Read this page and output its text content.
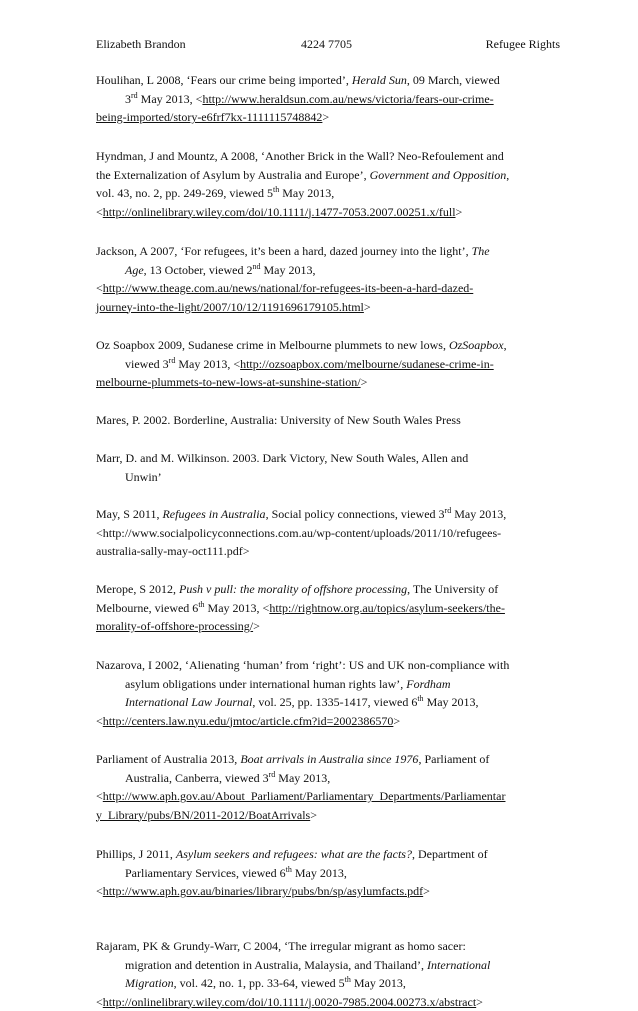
Elizabeth Brandon	4224 7705	Refugee Rights
Houlihan, L 2008, ‘Fears our crime being imported’, Herald Sun, 09 March, viewed
3rd May 2013, <http://www.heraldsun.com.au/news/victoria/fears-our-crime-
being-imported/story-e6frf7kx-1111115748842>
Hyndman, J and Mountz, A 2008, ‘Another Brick in the Wall? Neo-Refoulement and
the Externalization of Asylum by Australia and Europe’, Government and Opposition,
vol. 43, no. 2, pp. 249-269, viewed 5th May 2013,
<http://onlinelibrary.wiley.com/doi/10.1111/j.1477-7053.2007.00251.x/full>
Jackson, A 2007, ‘For refugees, it’s been a hard, dazed journey into the light’, The
Age, 13 October, viewed 2nd May 2013,
<http://www.theage.com.au/news/national/for-refugees-its-been-a-hard-dazed-
journey-into-the-light/2007/10/12/1191696179105.html>
Oz Soapbox 2009, Sudanese crime in Melbourne plummets to new lows, OzSoapbox,
viewed 3rd May 2013, <http://ozsoapbox.com/melbourne/sudanese-crime-in-
melbourne-plummets-to-new-lows-at-sunshine-station/>
Mares, P. 2002. Borderline, Australia: University of New South Wales Press
Marr, D. and M. Wilkinson. 2003. Dark Victory, New South Wales, Allen and
Unwin’
May, S 2011, Refugees in Australia, Social policy connections, viewed 3rd May 2013,
<http://www.socialpolicyconnections.com.au/wp-content/uploads/2011/10/refugees-
australia-sally-may-oct111.pdf>
Merope, S 2012, Push v pull: the morality of offshore processing, The University of
Melbourne, viewed 6th May 2013, <http://rightnow.org.au/topics/asylum-seekers/the-
morality-of-offshore-processing/>
Nazarova, I 2002, ‘Alienating ‘human’ from ‘right’: US and UK non-compliance with
asylum obligations under international human rights law’, Fordham
International Law Journal, vol. 25, pp. 1335-1417, viewed 6th May 2013,
<http://centers.law.nyu.edu/jmtoc/article.cfm?id=2002386570>
Parliament of Australia 2013, Boat arrivals in Australia since 1976, Parliament of
Australia, Canberra, viewed 3rd May 2013,
<http://www.aph.gov.au/About_Parliament/Parliamentary_Departments/Parliamentar
y_Library/pubs/BN/2011-2012/BoatArrivals>
Phillips, J 2011, Asylum seekers and refugees: what are the facts?, Department of
Parliamentary Services, viewed 6th May 2013,
<http://www.aph.gov.au/binaries/library/pubs/bn/sp/asylumfacts.pdf>
Rajaram, PK & Grundy-Warr, C 2004, ‘The irregular migrant as homo sacer:
migration and detention in Australia, Malaysia, and Thailand’, International
Migration, vol. 42, no. 1, pp. 33-64, viewed 5th May 2013,
<http://onlinelibrary.wiley.com/doi/10.1111/j.0020-7985.2004.00273.x/abstract>
